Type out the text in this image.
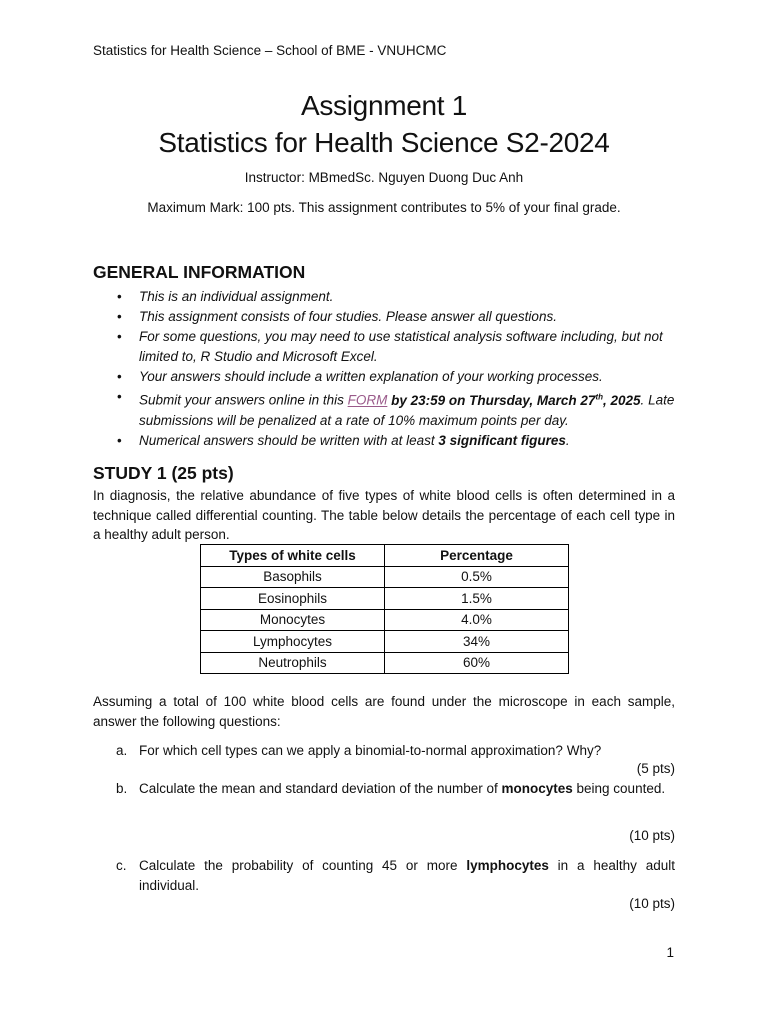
Statistics for Health Science – School of BME - VNUHCMC
Assignment 1
Statistics for Health Science S2-2024
Instructor: MBmedSc. Nguyen Duong Duc Anh
Maximum Mark: 100 pts. This assignment contributes to 5% of your final grade.
GENERAL INFORMATION
• This is an individual assignment.
• This assignment consists of four studies. Please answer all questions.
• For some questions, you may need to use statistical analysis software including, but not limited to, R Studio and Microsoft Excel.
• Your answers should include a written explanation of your working processes.
• Submit your answers online in this FORM by 23:59 on Thursday, March 27th, 2025. Late submissions will be penalized at a rate of 10% maximum points per day.
• Numerical answers should be written with at least 3 significant figures.
STUDY 1 (25 pts)
In diagnosis, the relative abundance of five types of white blood cells is often determined in a technique called differential counting. The table below details the percentage of each cell type in a healthy adult person.
Types of white cells	Percentage
Basophils	0.5%
Eosinophils	1.5%
Monocytes	4.0%
Lymphocytes	34%
Neutrophils	60%
Assuming a total of 100 white blood cells are found under the microscope in each sample, answer the following questions:
a. For which cell types can we apply a binomial-to-normal approximation? Why?
(5 pts)
b. Calculate the mean and standard deviation of the number of monocytes being counted.
(10 pts)
c. Calculate the probability of counting 45 or more lymphocytes in a healthy adult individual.
(10 pts)
1
